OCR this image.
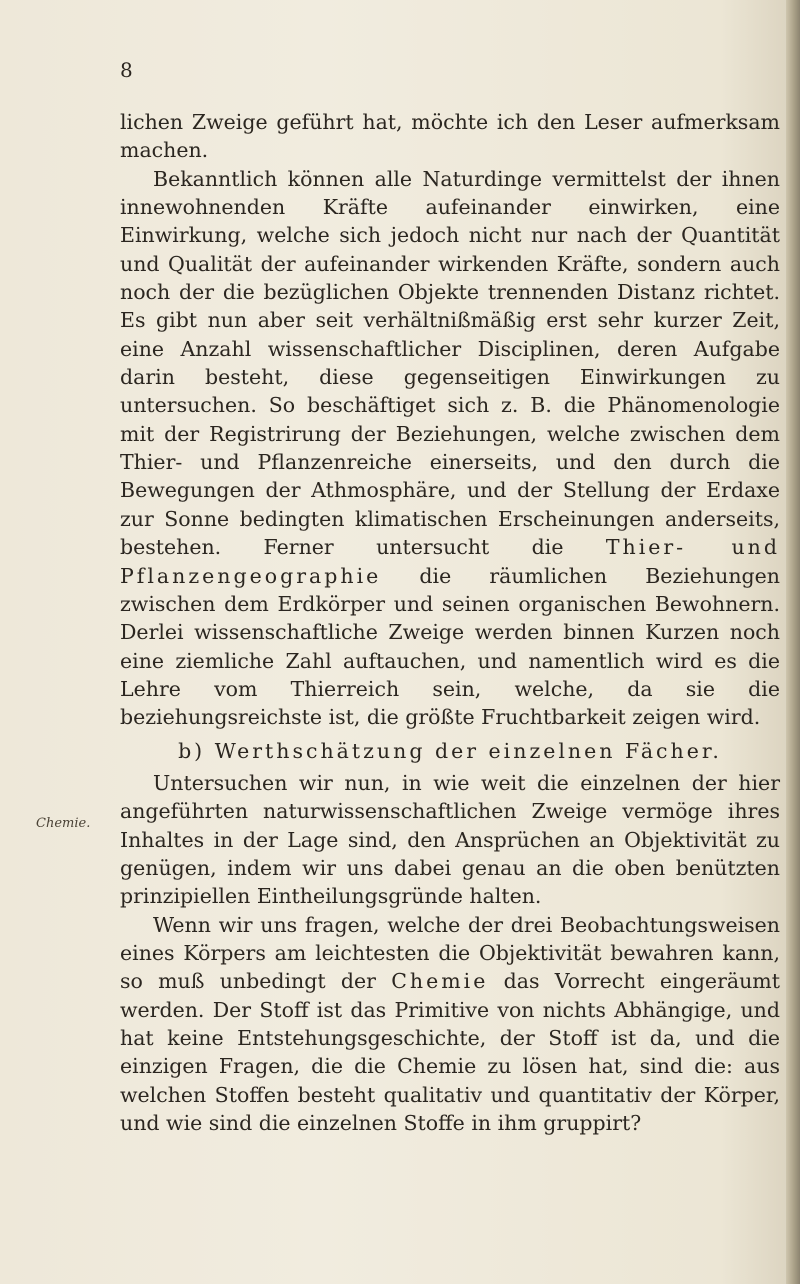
8
Chemie.

lichen Zweige geführt hat, möchte ich den Leser aufmerksam machen.

Bekanntlich können alle Naturdinge vermittelst der ihnen innewohnenden Kräfte aufeinander einwirken, eine Einwirkung, welche sich jedoch nicht nur nach der Quantität und Qualität der aufeinander wirkenden Kräfte, sondern auch noch der die bezüglichen Objekte trennenden Distanz richtet. Es gibt nun aber seit verhältnißmäßig erst sehr kurzer Zeit, eine Anzahl wissenschaftlicher Disciplinen, deren Aufgabe darin besteht, diese gegenseitigen Einwirkungen zu untersuchen. So beschäftiget sich z. B. die Phänomenologie mit der Registrirung der Beziehungen, welche zwischen dem Thier- und Pflanzenreiche einerseits, und den durch die Bewegungen der Athmosphäre, und der Stellung der Erdaxe zur Sonne bedingten klimatischen Erscheinungen anderseits, bestehen. Ferner untersucht die Thier- und Pflanzengeographie die räumlichen Beziehungen zwischen dem Erdkörper und seinen organischen Bewohnern. Derlei wissenschaftliche Zweige werden binnen Kurzen noch eine ziemliche Zahl auftauchen, und namentlich wird es die Lehre vom Thierreich sein, welche, da sie die beziehungsreichste ist, die größte Fruchtbarkeit zeigen wird.

b) Werthschätzung der einzelnen Fächer.

Untersuchen wir nun, in wie weit die einzelnen der hier angeführten naturwissenschaftlichen Zweige vermöge ihres Inhaltes in der Lage sind, den Ansprüchen an Objektivität zu genügen, indem wir uns dabei genau an die oben benützten prinzipiellen Eintheilungsgründe halten.

Wenn wir uns fragen, welche der drei Beobachtungsweisen eines Körpers am leichtesten die Objektivität bewahren kann, so muß unbedingt der Chemie das Vorrecht eingeräumt werden. Der Stoff ist das Primitive von nichts Abhängige, und hat keine Entstehungsgeschichte, der Stoff ist da, und die einzigen Fragen, die die Chemie zu lösen hat, sind die: aus welchen Stoffen besteht qualitativ und quantitativ der Körper, und wie sind die einzelnen Stoffe in ihm gruppirt?
